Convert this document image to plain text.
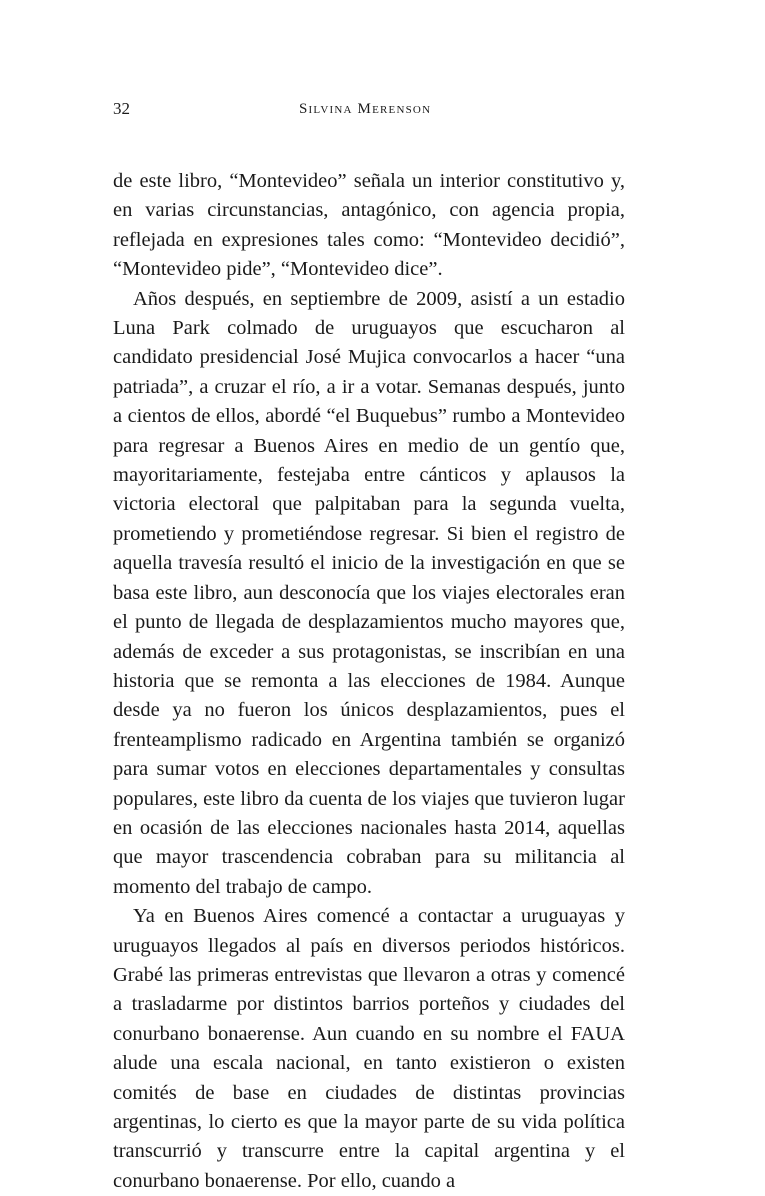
32	Silvina Merenson

de este libro, “Montevideo” señala un interior constitutivo y, en varias circunstancias, antagónico, con agencia propia, reflejada en expresiones tales como: “Montevideo decidió”, “Montevideo pide”, “Montevideo dice”.

Años después, en septiembre de 2009, asistí a un estadio Luna Park colmado de uruguayos que escucharon al candidato presidencial José Mujica convocarlos a hacer “una patriada”, a cruzar el río, a ir a votar. Semanas después, junto a cientos de ellos, abordé “el Buquebus” rumbo a Montevideo para regresar a Buenos Aires en medio de un gentío que, mayoritariamente, festejaba entre cánticos y aplausos la victoria electoral que palpitaban para la segunda vuelta, prometiendo y prometiéndose regresar. Si bien el registro de aquella travesía resultó el inicio de la investigación en que se basa este libro, aun desconocía que los viajes electorales eran el punto de llegada de desplazamientos mucho mayores que, además de exceder a sus protagonistas, se inscribían en una historia que se remonta a las elecciones de 1984. Aunque desde ya no fueron los únicos desplazamientos, pues el frenteamplismo radicado en Argentina también se organizó para sumar votos en elecciones departamentales y consultas populares, este libro da cuenta de los viajes que tuvieron lugar en ocasión de las elecciones nacionales hasta 2014, aquellas que mayor trascendencia cobraban para su militancia al momento del trabajo de campo.

Ya en Buenos Aires comencé a contactar a uruguayas y uruguayos llegados al país en diversos periodos históricos. Grabé las primeras entrevistas que llevaron a otras y comencé a trasladarme por distintos barrios porteños y ciudades del conurbano bonaerense. Aun cuando en su nombre el FAUA alude una escala nacional, en tanto existieron o existen comités de base en ciudades de distintas provincias argentinas, lo cierto es que la mayor parte de su vida política transcurrió y transcurre entre la capital argentina y el conurbano bonaerense. Por ello, cuando a
